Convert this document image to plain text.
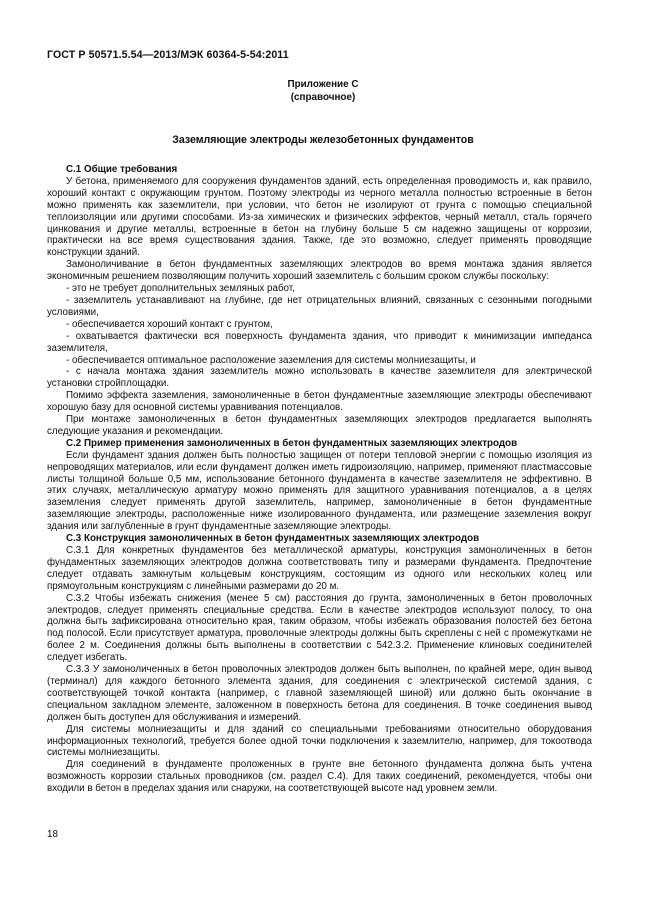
ГОСТ Р 50571.5.54—2013/МЭК 60364-5-54:2011
Приложение С
(справочное)
Заземляющие электроды железобетонных фундаментов
С.1 Общие требования

У бетона, применяемого для сооружения фундаментов зданий, есть определенная проводимость и, как правило, хороший контакт с окружающим грунтом. Поэтому электроды из черного металла полностью встроенные в бетон можно применять как заземлители, при условии, что бетон не изолируют от грунта с помощью специальной теплоизоляции или другими способами. Из-за химических и физических эффектов, черный металл, сталь горячего цинкования и другие металлы, встроенные в бетон на глубину больше 5 см надежно защищены от коррозии, практически на все время существования здания. Также, где это возможно, следует применять проводящие конструкции зданий.

Замоноличивание в бетон фундаментных заземляющих электродов во время монтажа здания является экономичным решением позволяющим получить хороший заземлитель с большим сроком службы поскольку:

- это не требует дополнительных земляных работ,

- заземлитель устанавливают на глубине, где нет отрицательных влияний, связанных с сезонными погодными условиями,

- обеспечивается хороший контакт с грунтом,

- охватывается фактически вся поверхность фундамента здания, что приводит к минимизации импеданса заземлителя,

- обеспечивается оптимальное расположение заземления для системы молниезащиты, и

- с начала монтажа здания заземлитель можно использовать в качестве заземлителя для электрической установки стройплощадки.

Помимо эффекта заземления, замоноличенные в бетон фундаментные заземляющие электроды обеспечивают хорошую базу для основной системы уравнивания потенциалов.

При монтаже замоноличенных в бетон фундаментных заземляющих электродов предлагается выполнять следующие указания и рекомендации.

С.2 Пример применения замоноличенных в бетон фундаментных заземляющих электродов

Если фундамент здания должен быть полностью защищен от потери тепловой энергии с помощью изоляция из непроводящих материалов, или если фундамент должен иметь гидроизоляцию, например, применяют пластмассовые листы толщиной больше 0,5 мм, использование бетонного фундамента в качестве заземлителя не эффективно. В этих случаях, металлическую арматуру можно применять для защитного уравнивания потенциалов, а в целях заземления следует применять другой заземлитель, например, замоноличенные в бетон фундаментные заземляющие электроды, расположенные ниже изолированного фундамента, или размещение заземления вокруг здания или заглубленные в грунт фундаментные заземляющие электроды.

С.3 Конструкция замоноличенных в бетон фундаментных заземляющих электродов

С.3.1 Для конкретных фундаментов без металлической арматуры, конструкция замоноличенных в бетон фундаментных заземляющих электродов должна соответствовать типу и размерами фундамента. Предпочтение следует отдавать замкнутым кольцевым конструкциям, состоящим из одного или нескольких колец или прямоугольным конструкциям с линейными размерами до 20 м.

С.3.2 Чтобы избежать снижения (менее 5 см) расстояния до грунта, замоноличенных в бетон проволочных электродов, следует применять специальные средства. Если в качестве электродов используют полосу, то она должна быть зафиксирована относительно края, таким образом, чтобы избежать образования полостей без бетона под полосой. Если присутствует арматура, проволочные электроды должны быть скреплены с ней с промежутками не более 2 м. Соединения должны быть выполнены в соответствии с 542.3.2. Применение клиновых соединителей следует избегать.

С.3.3 У замоноличенных в бетон проволочных электродов должен быть выполнен, по крайней мере, один вывод (терминал) для каждого бетонного элемента здания, для соединения с электрической системой здания, с соответствующей точкой контакта (например, с главной заземляющей шиной) или должно быть окончание в специальном закладном элементе, заложенном в поверхность бетона для соединения. В точке соединения вывод должен быть доступен для обслуживания и измерений.

Для системы молниезащиты и для зданий со специальными требованиями относительно оборудования информационных технологий, требуется более одной точки подключения к заземлителю, например, для токоотвода системы молниезащиты.

Для соединений в фундаменте проложенных в грунте вне бетонного фундамента должна быть учтена возможность коррозии стальных проводников (см. раздел С.4). Для таких соединений, рекомендуется, чтобы они входили в бетон в пределах здания или снаружи, на соответствующей высоте над уровнем земли.

18
